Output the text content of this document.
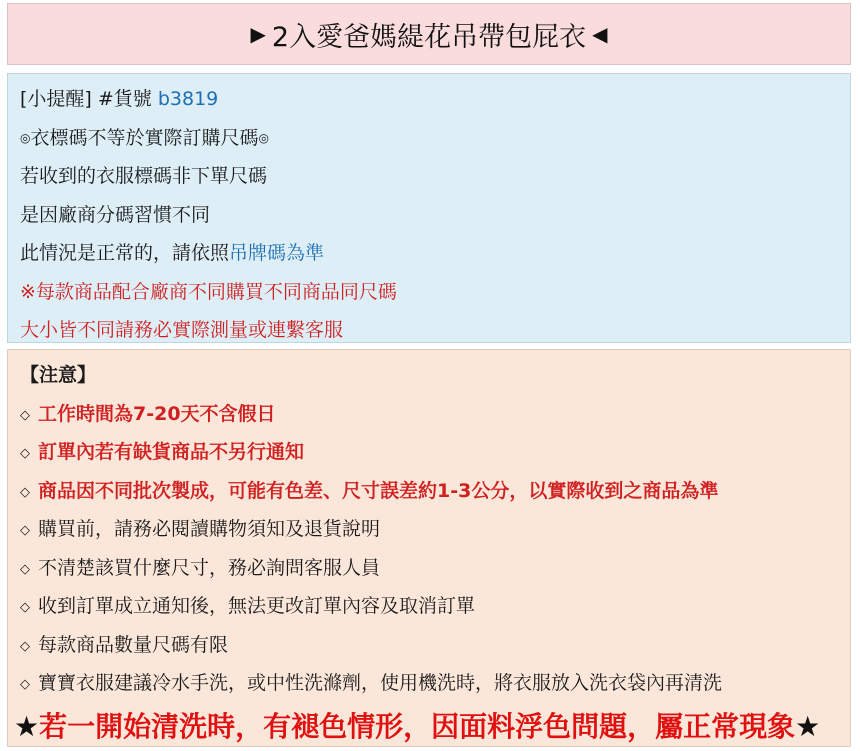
▶ 2入愛爸媽緹花吊帶包屁衣 ◀
[小提醒] #貨號 b3819
◎衣標碼不等於實際訂購尺碼◎
若收到的衣服標碼非下單尺碼
是因廠商分碼習慣不同
此情況是正常的，請依照吊牌碼為準
※每款商品配合廠商不同購買不同商品同尺碼
大小皆不同請務必實際測量或連繫客服
【注意】
◇ 工作時間為7-20天不含假日
◇ 訂單內若有缺貨商品不另行通知
◇ 商品因不同批次製成，可能有色差、尺寸誤差約1-3公分，以實際收到之商品為準
◇ 購買前，請務必閱讀購物須知及退貨說明
◇ 不清楚該買什麼尺寸，務必詢問客服人員
◇ 收到訂單成立通知後，無法更改訂單內容及取消訂單
◇ 每款商品數量尺碼有限
◇ 寶寶衣服建議冷水手洗，或中性洗滌劑，使用機洗時，將衣服放入洗衣袋內再清洗
★若一開始清洗時，有褪色情形，因面料浮色問題，屬正常現象★
